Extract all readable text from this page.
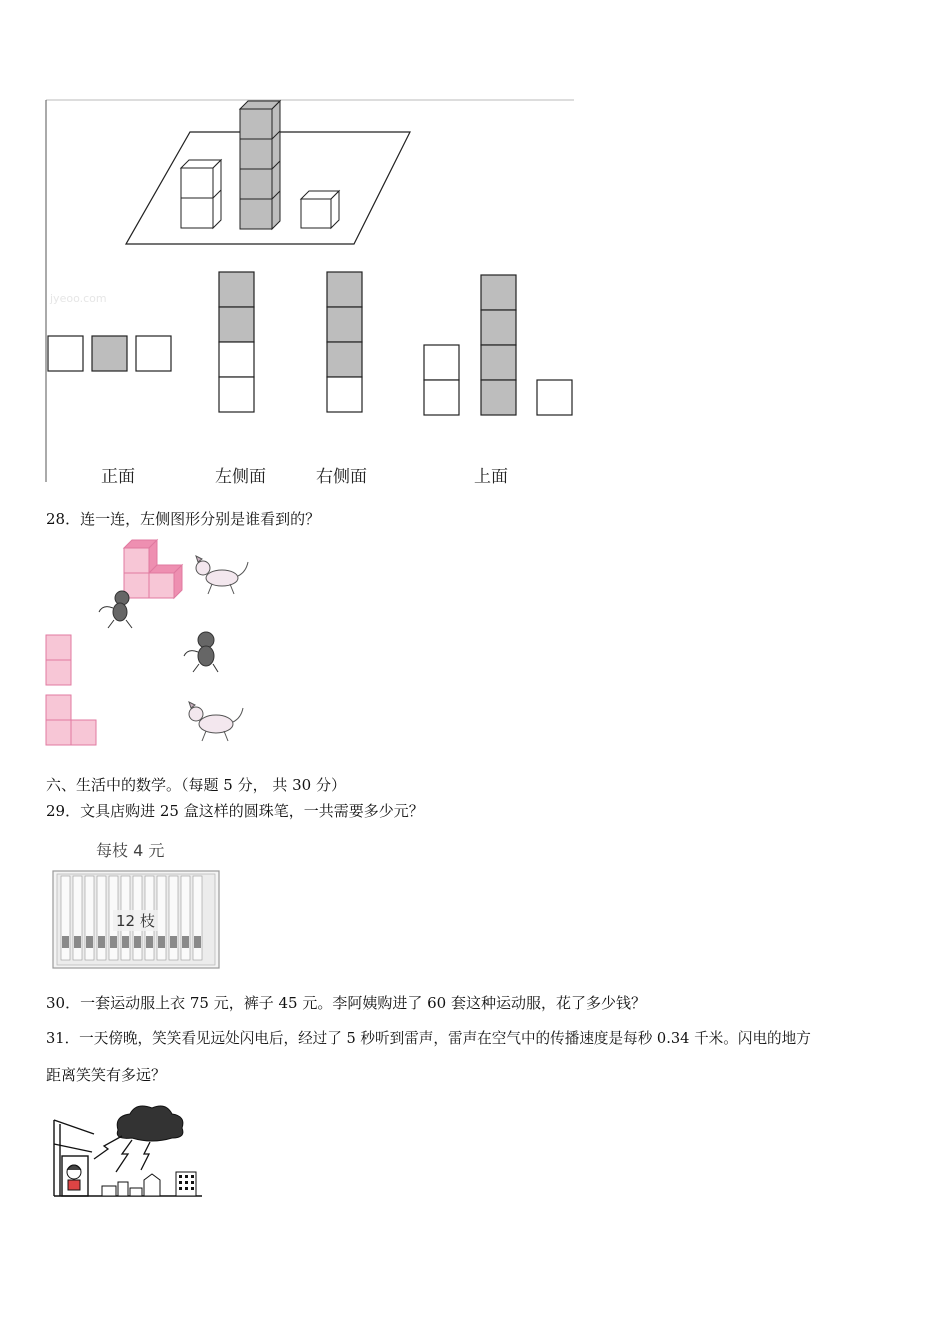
jyeoo.com
正面	左侧面	右侧面	上面
28．连一连，左侧图形分别是谁看到的？
六、生活中的数学。（每题 5 分， 共 30 分）
29．文具店购进 25 盒这样的圆珠笔，一共需要多少元？
每枝 4 元
12 枝
30．一套运动服上衣 75 元，裤子 45 元。李阿姨购进了 60 套这种运动服，花了多少钱？
31．一天傍晚，笑笑看见远处闪电后，经过了 5 秒听到雷声，雷声在空气中的传播速度是每秒 0.34 千米。闪电的地方
距离笑笑有多远？
